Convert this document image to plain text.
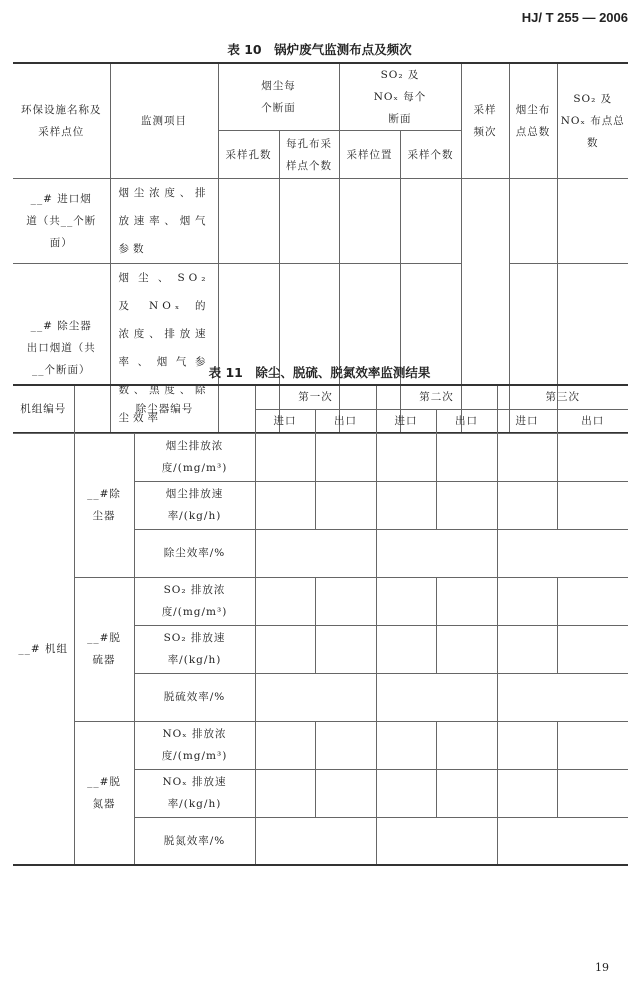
HJ/ T 255 — 2006
表 10　锅炉废气监测布点及频次
环保设施名称及采样点位	监测项目	烟尘每个断面		SO₂ 及 NOₓ 每个断面		采样频次	烟尘布点总数	SO₂ 及 NOₓ 布点总数
		采样孔数	每孔布采样点个数	采样位置	采样个数			
__# 进口烟道（共__个断面）	烟尘浓度、排放速率、烟气参数							
__# 除尘器出口烟道（共__个断面）	烟尘、SO₂ 及 NOₓ 的浓度、排放速率、烟气参数、黑度、除尘效率							
表 11　除尘、脱硫、脱氮效率监测结果
机组编号	除尘器编号		第一次		第二次		第三次	
			进口	出口	进口	出口	进口	出口
__# 机组	__#除尘器	烟尘排放浓度/(mg/m³)						
		烟尘排放速率/(kg/h)						
		除尘效率/%						
	__#脱硫器	SO₂ 排放浓度/(mg/m³)						
		SO₂ 排放速率/(kg/h)						
		脱硫效率/%						
	__#脱氮器	NOₓ 排放浓度/(mg/m³)						
		NOₓ 排放速率/(kg/h)						
		脱氮效率/%						
19
